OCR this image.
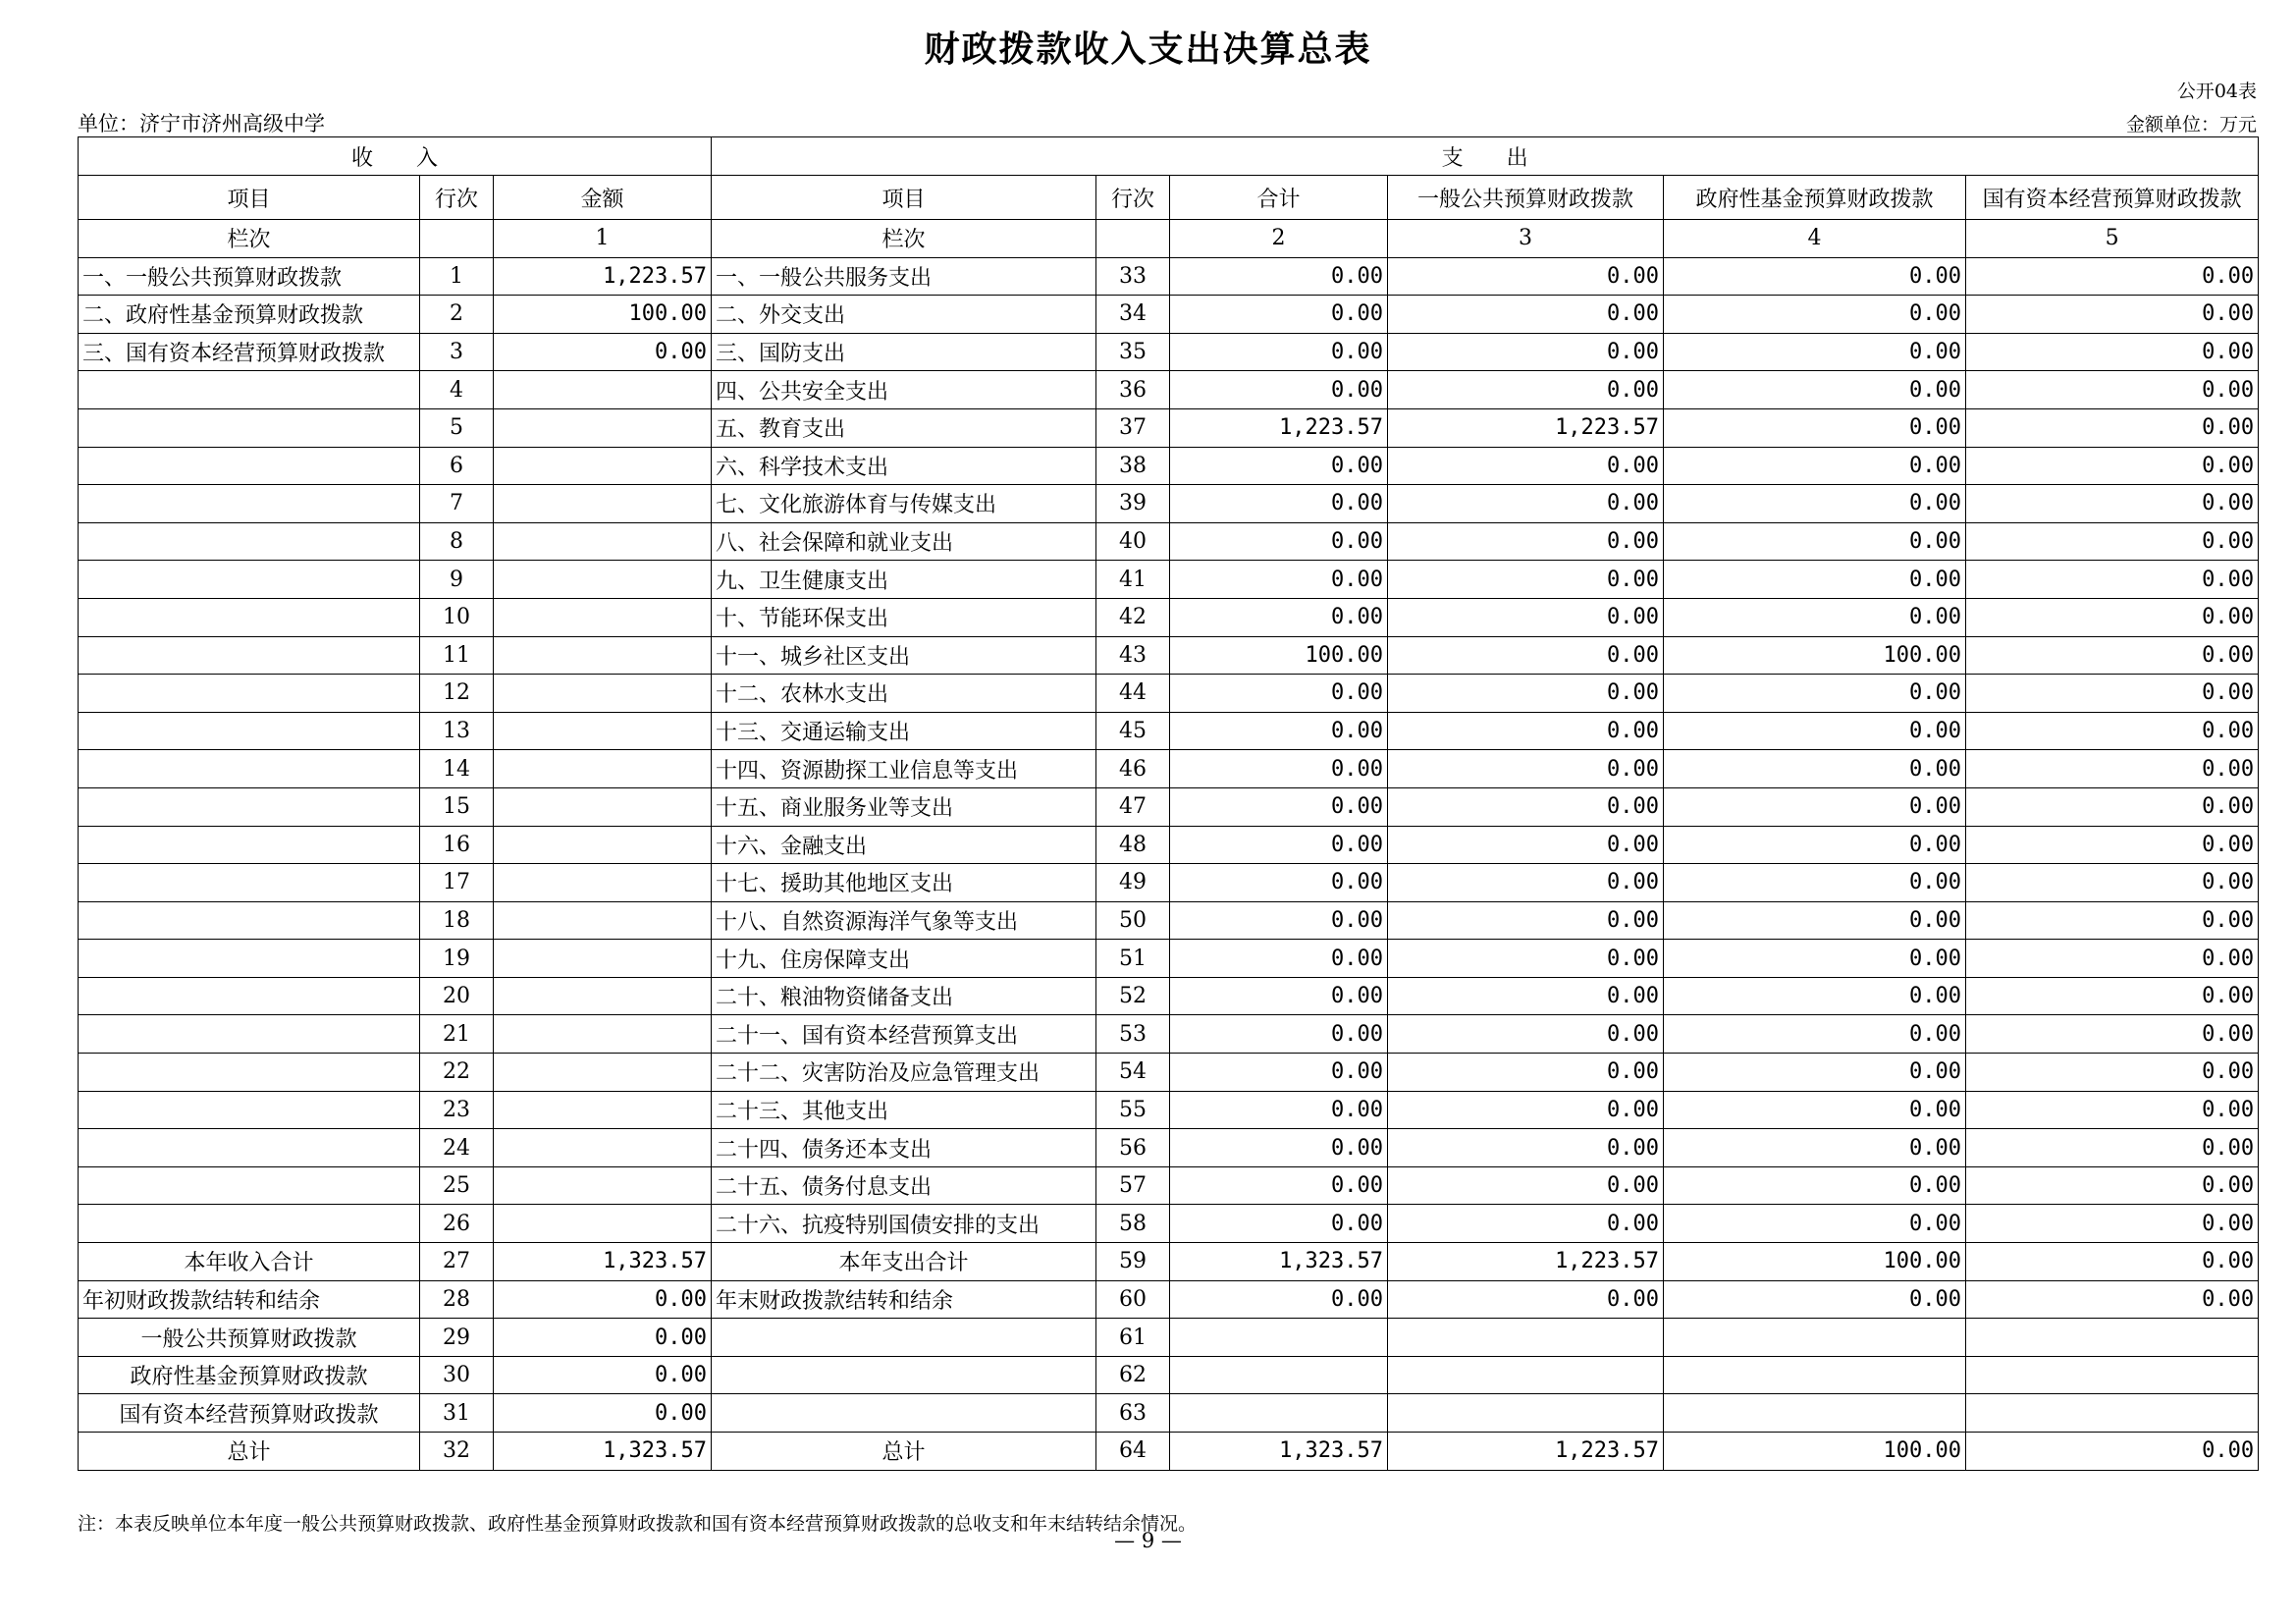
财政拨款收入支出决算总表
公开04表
单位：济宁市济州高级中学	金额单位：万元
收　　入			支　　出					
项目	行次	金额	项目	行次	合计	一般公共预算财政拨款	政府性基金预算财政拨款	国有资本经营预算财政拨款
栏次		1	栏次		2	3	4	5
一、一般公共预算财政拨款	1	1,223.57	一、一般公共服务支出	33	0.00	0.00	0.00	0.00
二、政府性基金预算财政拨款	2	100.00	二、外交支出	34	0.00	0.00	0.00	0.00
三、国有资本经营预算财政拨款	3	0.00	三、国防支出	35	0.00	0.00	0.00	0.00
	4		四、公共安全支出	36	0.00	0.00	0.00	0.00
	5		五、教育支出	37	1,223.57	1,223.57	0.00	0.00
	6		六、科学技术支出	38	0.00	0.00	0.00	0.00
	7		七、文化旅游体育与传媒支出	39	0.00	0.00	0.00	0.00
	8		八、社会保障和就业支出	40	0.00	0.00	0.00	0.00
	9		九、卫生健康支出	41	0.00	0.00	0.00	0.00
	10		十、节能环保支出	42	0.00	0.00	0.00	0.00
	11		十一、城乡社区支出	43	100.00	0.00	100.00	0.00
	12		十二、农林水支出	44	0.00	0.00	0.00	0.00
	13		十三、交通运输支出	45	0.00	0.00	0.00	0.00
	14		十四、资源勘探工业信息等支出	46	0.00	0.00	0.00	0.00
	15		十五、商业服务业等支出	47	0.00	0.00	0.00	0.00
	16		十六、金融支出	48	0.00	0.00	0.00	0.00
	17		十七、援助其他地区支出	49	0.00	0.00	0.00	0.00
	18		十八、自然资源海洋气象等支出	50	0.00	0.00	0.00	0.00
	19		十九、住房保障支出	51	0.00	0.00	0.00	0.00
	20		二十、粮油物资储备支出	52	0.00	0.00	0.00	0.00
	21		二十一、国有资本经营预算支出	53	0.00	0.00	0.00	0.00
	22		二十二、灾害防治及应急管理支出	54	0.00	0.00	0.00	0.00
	23		二十三、其他支出	55	0.00	0.00	0.00	0.00
	24		二十四、债务还本支出	56	0.00	0.00	0.00	0.00
	25		二十五、债务付息支出	57	0.00	0.00	0.00	0.00
	26		二十六、抗疫特别国债安排的支出	58	0.00	0.00	0.00	0.00
本年收入合计	27	1,323.57	本年支出合计	59	1,323.57	1,223.57	100.00	0.00
年初财政拨款结转和结余	28	0.00	年末财政拨款结转和结余	60	0.00	0.00	0.00	0.00
一般公共预算财政拨款	29	0.00		61				
政府性基金预算财政拨款	30	0.00		62				
国有资本经营预算财政拨款	31	0.00		63				
总计	32	1,323.57	总计	64	1,323.57	1,223.57	100.00	0.00
注：本表反映单位本年度一般公共预算财政拨款、政府性基金预算财政拨款和国有资本经营预算财政拨款的总收支和年末结转结余情况。
— 9 —
